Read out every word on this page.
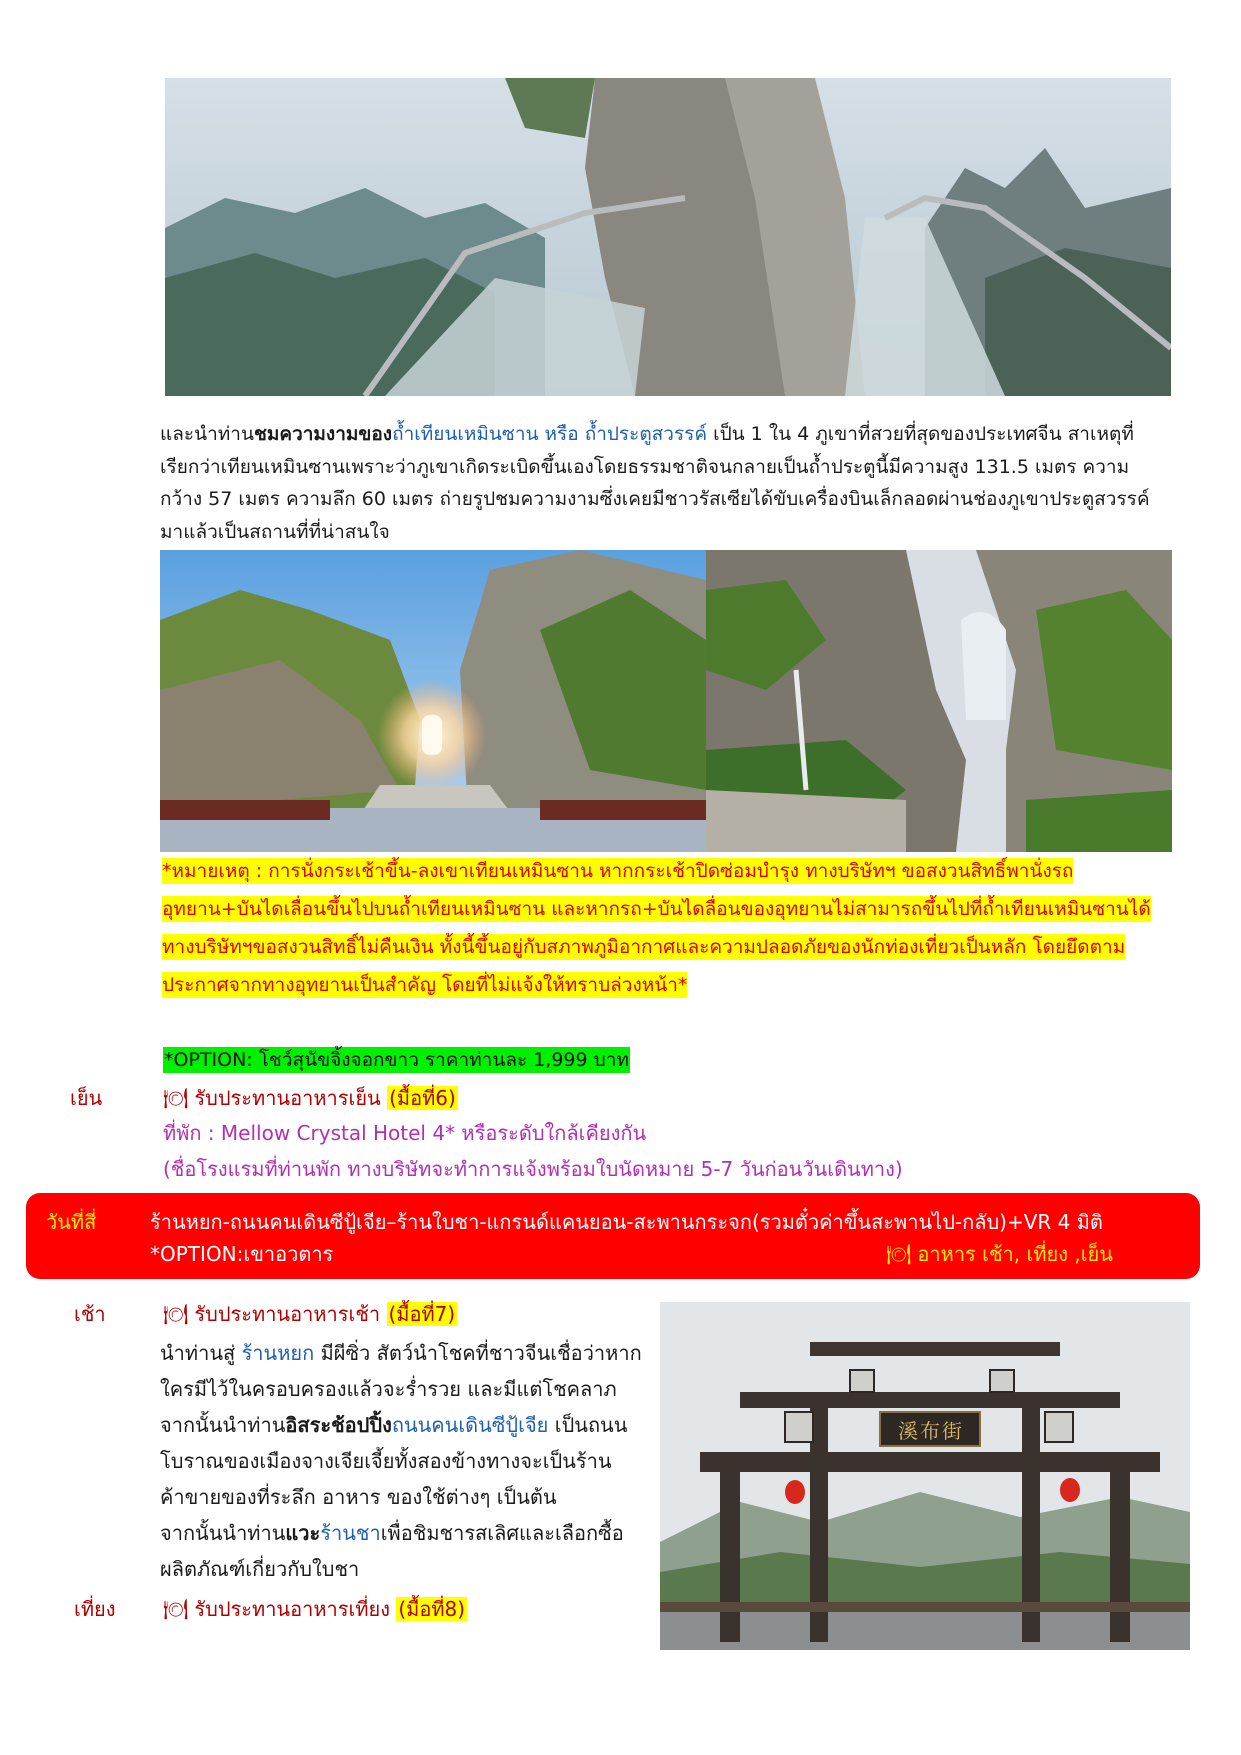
และนำท่านชมความงามของถ้ำเทียนเหมินซาน หรือ ถ้ำประตูสวรรค์ เป็น 1 ใน 4 ภูเขาที่สวยที่สุดของประเทศจีน สาเหตุที่เรียกว่าเทียนเหมินซานเพราะว่าภูเขาเกิดระเบิดขึ้นเองโดยธรรมชาติจนกลายเป็นถ้ำประตูนี้มีความสูง 131.5 เมตร ความกว้าง 57 เมตร ความลึก 60 เมตร ถ่ายรูปชมความงามซึ่งเคยมีชาวรัสเซียได้ขับเครื่องบินเล็กลอดผ่านช่องภูเขาประตูสวรรค์มาแล้วเป็นสถานที่ที่น่าสนใจ
*หมายเหตุ : การนั่งกระเช้าขึ้น-ลงเขาเทียนเหมินซาน หากกระเช้าปิดซ่อมบำรุง ทางบริษัทฯ ขอสงวนสิทธิ์พานั่งรถอุทยาน+บันไดเลื่อนขึ้นไปบนถ้ำเทียนเหมินซาน และหากรถ+บันไดลื่อนของอุทยานไม่สามารถขึ้นไปที่ถ้ำเทียนเหมินซานได้ ทางบริษัทฯขอสงวนสิทธิ์ไม่คืนเงิน ทั้งนี้ขึ้นอยู่กับสภาพภูมิอากาศและความปลอดภัยของนักท่องเที่ยวเป็นหลัก โดยยึดตามประกาศจากทางอุทยานเป็นสำคัญ โดยที่ไม่แจ้งให้ทราบล่วงหน้า*
*OPTION: โชว์สุนัขจิ้งจอกขาว ราคาท่านละ 1,999 บาท
เย็น	🍽 รับประทานอาหารเย็น (มื้อที่6)
ที่พัก : Mellow Crystal Hotel 4* หรือระดับใกล้เคียงกัน
(ชื่อโรงแรมที่ท่านพัก ทางบริษัทจะทำการแจ้งพร้อมใบนัดหมาย 5-7 วันก่อนวันเดินทาง)
วันที่สี่	ร้านหยก-ถนนคนเดินซีปู้เจีย–ร้านใบชา-แกรนด์แคนยอน-สะพานกระจก(รวมตั๋วค่าขึ้นสะพานไป-กลับ)+VR 4 มิติ
*OPTION:เขาอวตาร	🍽 อาหาร เช้า, เที่ยง ,เย็น
เช้า	🍽 รับประทานอาหารเช้า (มื้อที่7)
นำท่านสู่ ร้านหยก มีผีซิ่ว สัตว์นำโชคที่ชาวจีนเชื่อว่าหากใครมีไว้ในครอบครองแล้วจะร่ำรวย และมีแต่โชคลาภ
จากนั้นนำท่านอิสระช้อปปิ้งถนนคนเดินซีปู้เจีย เป็นถนนโบราณของเมืองจางเจียเจี้ยทั้งสองข้างทางจะเป็นร้านค้าขายของที่ระลึก อาหาร ของใช้ต่างๆ เป็นต้น
จากนั้นนำท่านแวะร้านชาเพื่อชิมชารสเลิศและเลือกซื้อผลิตภัณฑ์เกี่ยวกับใบชา
เที่ยง 🍽 รับประทานอาหารเที่ยง (มื้อที่8)
溪布街
